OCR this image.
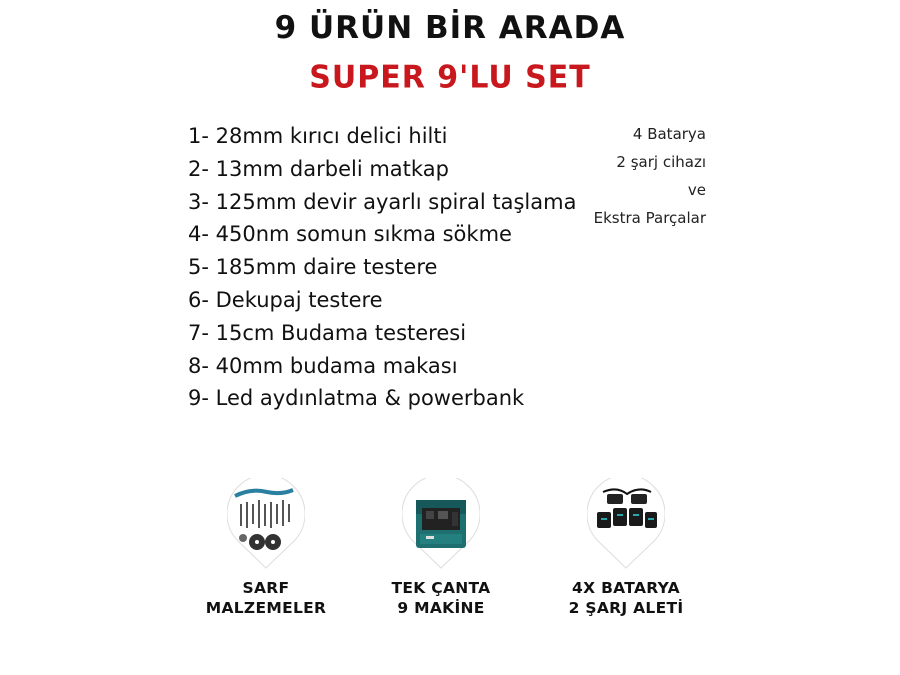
9 ÜRÜN BİR ARADA
SUPER 9'LU SET
1- 28mm kırıcı delici hilti
2- 13mm darbeli matkap
3- 125mm devir ayarlı spiral taşlama
4- 450nm somun sıkma sökme
5- 185mm daire testere
6- Dekupaj testere
7- 15cm Budama testeresi
8- 40mm budama makası
9- Led aydınlatma & powerbank
4 Batarya
2 şarj cihazı
ve
Ekstra Parçalar
SARF
MALZEMELER
TEK ÇANTA
9 MAKİNE
4X BATARYA
2 ŞARJ ALETİ
